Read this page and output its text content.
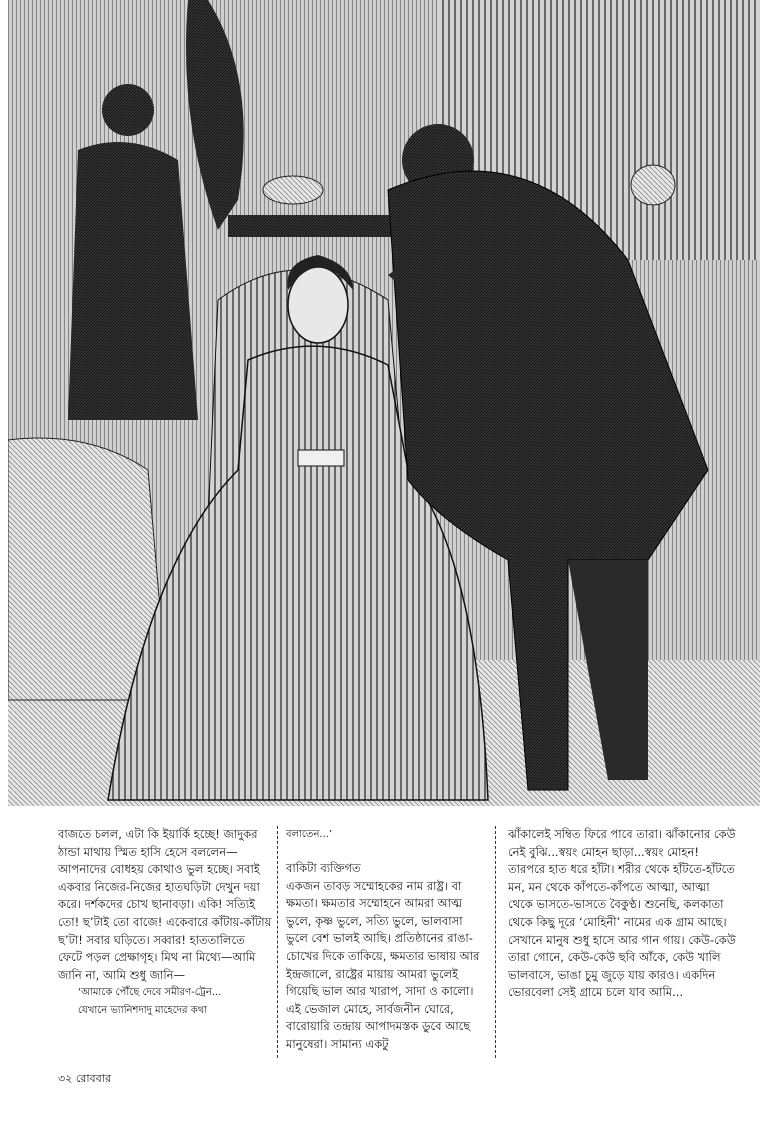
বাজতে চলল, এটা কি ইয়ার্কি হচ্ছে! জাদুকর ঠান্ডা মাথায় স্মিত হাসি হেসে বললেন—আপনাদের বোধহয় কোথাও ভুল হচ্ছে। সবাই একবার নিজের-নিজের হাতঘড়িটা দেখুন দয়া করে। দর্শকদের চোখ ছানাবড়া। একি! সত্যিই তো! ছ’টাই তো বাজে! একেবারে কাঁটায়-কাঁটায় ছ’টা! সবার ঘড়িতে। সব্বার! হাততালিতে ফেটে পড়ল প্রেক্ষাগৃহ। মিথ না মিথ্যে—আমি জানি না, আমি শুধু জানি—

‘আমাকে পৌঁছে দেবে সমীরণ-ট্রেন...

যেখানে ভ্যানিশদাদু মাহেদের কথা

বলাতেন...’

বাকিটা ব্যক্তিগত

একজন তাবড় সম্মোহকের নাম রাষ্ট্র। বা ক্ষমতা। ক্ষমতার সম্মোহনে আমরা আত্ম ভুলে, কৃষ্ণ ভুলে, সত্যি ভুলে, ভালবাসা ভুলে বেশ ভালই আছি। প্রতিষ্ঠানের রাঙা-চোখের দিকে তাকিয়ে, ক্ষমতার ভাষায় আর ইন্দ্রজালে, রাষ্ট্রের মায়ায় আমরা ভুলেই গিয়েছি ভাল আর খারাপ, সাদা ও কালো। এই ভেজাল মোহে, সার্বজনীন ঘোরে, বারোয়ারি তন্দ্রায় আপাদমস্তক ডুবে আছে মানুষেরা। সামান্য একটু

ঝাঁকালেই সম্বিত ফিরে পাবে তারা। ঝাঁকানোর কেউ নেই বুঝি...স্বয়ং মোহন ছাড়া...স্বয়ং মোহন! তারপরে হাত ধরে হাঁটা। শরীর থেকে হাঁটতে-হাঁটতে মন, মন থেকে কাঁপতে-কাঁপতে আত্মা, আত্মা থেকে ভাসতে-ভাসতে বৈকুণ্ঠ। শুনেছি, কলকাতা থেকে কিছু দূরে ‘মোহিনী’ নামের এক গ্রাম আছে। সেখানে মানুষ শুধু হাসে আর গান গায়। কেউ-কেউ তারা গোনে, কেউ-কেউ ছবি আঁকে, কেউ খালি ভালবাসে, ভাঙা চুমু জুড়ে যায় কারও। একদিন ভোরবেলা সেই গ্রামে চলে যাব আমি...

৩২ রোববার
